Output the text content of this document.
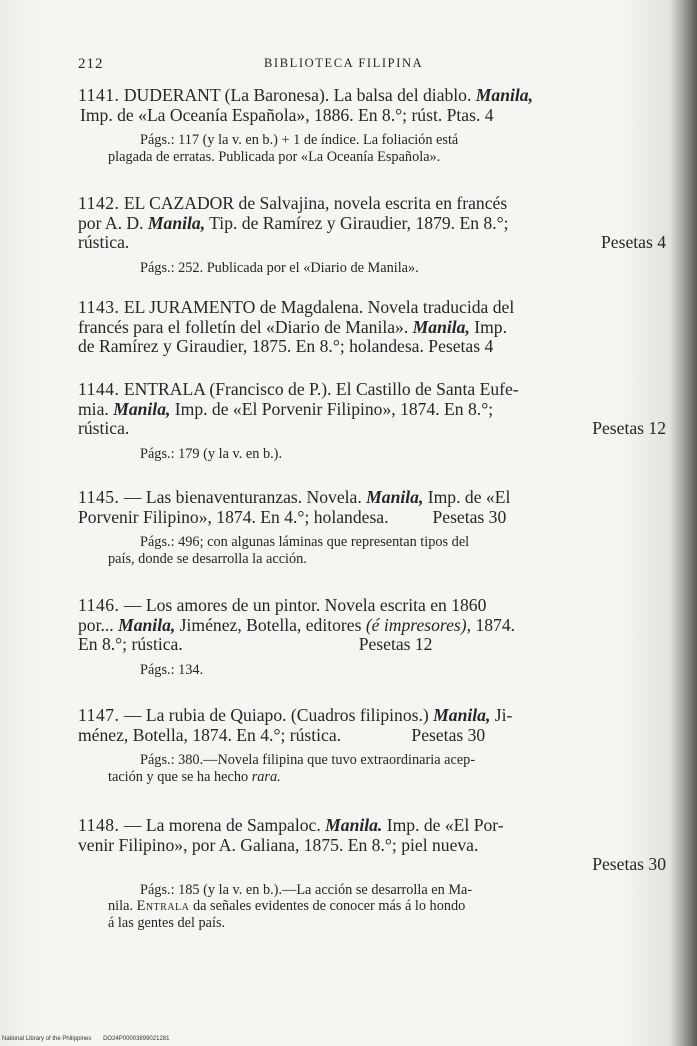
212	BIBLIOTECA FILIPINA
1141. DUDERANT (La Baronesa). La balsa del diablo. Manila,
Imp. de «La Oceanía Española», 1886. En 8.°; rúst. Ptas. 4
Págs.: 117 (y la v. en b.) + 1 de índice. La foliación está
plagada de erratas. Publicada por «La Oceanía Española».
1142. EL CAZADOR de Salvajina, novela escrita en francés
por A. D. Manila, Tip. de Ramírez y Giraudier, 1879. En 8.°;
rústica.	Pesetas 4
Págs.: 252. Publicada por el «Diario de Manila».
1143. EL JURAMENTO de Magdalena. Novela traducida del
francés para el folletín del «Diario de Manila». Manila, Imp.
de Ramírez y Giraudier, 1875. En 8.°; holandesa. Pesetas 4
1144. ENTRALA (Francisco de P.). El Castillo de Santa Eufe-
mia. Manila, Imp. de «El Porvenir Filipino», 1874. En 8.°;
rústica.	Pesetas 12
Págs.: 179 (y la v. en b.).
1145. — Las bienaventuranzas. Novela. Manila, Imp. de «El
Porvenir Filipino», 1874. En 4.°; holandesa.          Pesetas 30
Págs.: 496; con algunas láminas que representan tipos del
país, donde se desarrolla la acción.
1146. — Los amores de un pintor. Novela escrita en 1860
por... Manila, Jiménez, Botella, editores (é impresores), 1874.
En 8.°; rústica.                                        Pesetas 12
Págs.: 134.
1147. — La rubia de Quiapo. (Cuadros filipinos.) Manila, Ji-
ménez, Botella, 1874. En 4.°; rústica.                Pesetas 30
Págs.: 380.—Novela filipina que tuvo extraordinaria acep-
tación y que se ha hecho rara.
1148. — La morena de Sampaloc. Manila. Imp. de «El Por-
venir Filipino», por A. Galiana, 1875. En 8.°; piel nueva.
Pesetas 30
Págs.: 185 (y la v. en b.).—La acción se desarrolla en Ma-
nila. Entrala da señales evidentes de conocer más á lo hondo
á las gentes del país.
National Library of the Philippines DO24P00003899021281
